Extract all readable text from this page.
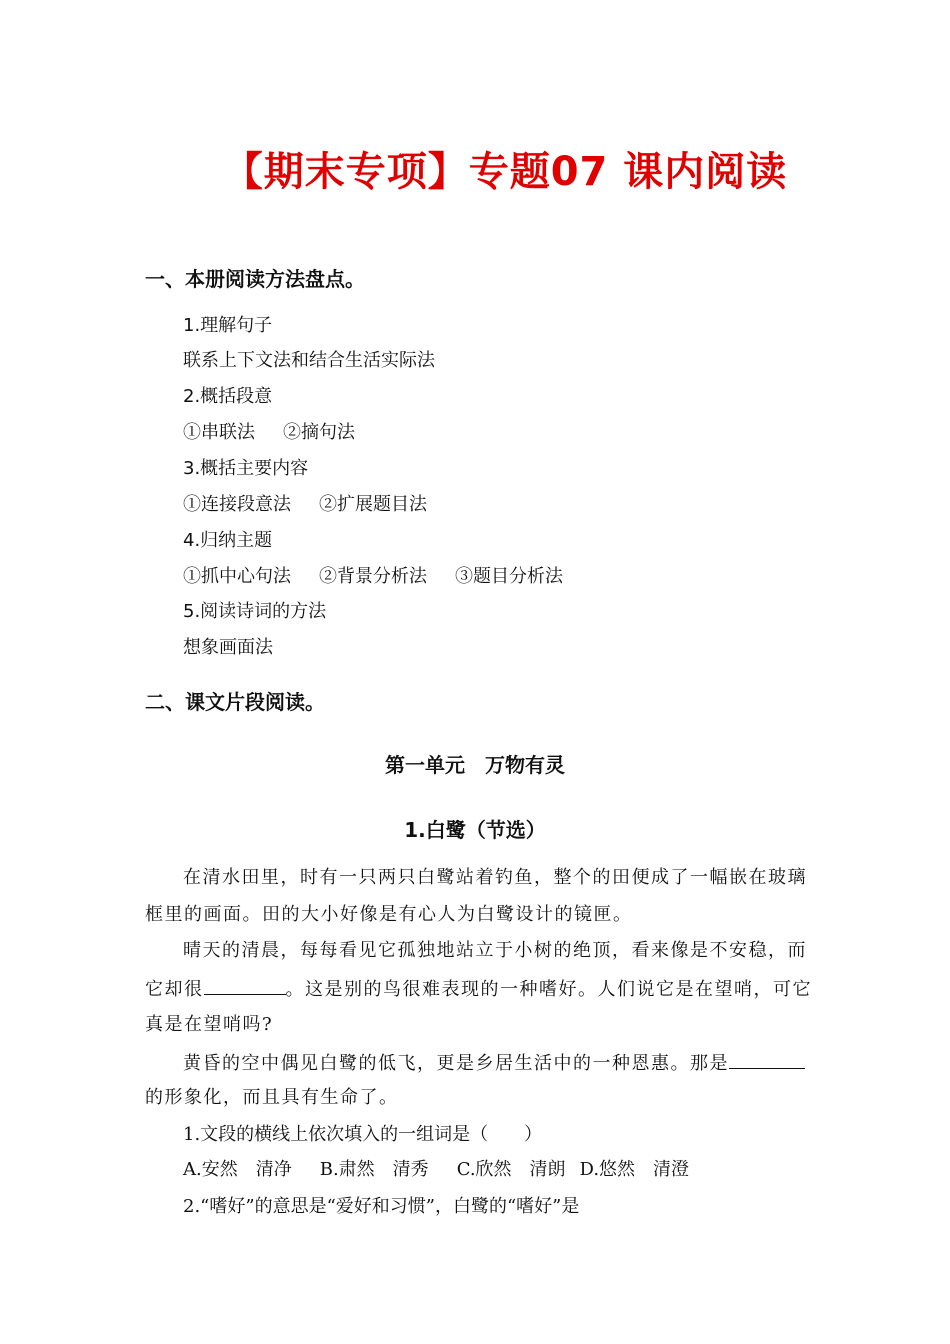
【期末专项】专题07 课内阅读
一、本册阅读方法盘点。
1.理解句子
联系上下文法和结合生活实际法
2.概括段意
①串联法 ②摘句法
3.概括主要内容
①连接段意法 ②扩展题目法
4.归纳主题
①抓中心句法 ②背景分析法 ③题目分析法
5.阅读诗词的方法
想象画面法
二、课文片段阅读。
第一单元　万物有灵
1.白鹭（节选）
在清水田里，时有一只两只白鹭站着钓鱼，整个的田便成了一幅嵌在玻璃
框里的画面。田的大小好像是有心人为白鹭设计的镜匣。
晴天的清晨，每每看见它孤独地站立于小树的绝顶，看来像是不安稳，而
它却很	。这是别的鸟很难表现的一种嗜好。人们说它是在望哨，可它
真是在望哨吗?
黄昏的空中偶见白鹭的低飞，更是乡居生活中的一种恩惠。那是
的形象化，而且具有生命了。
1.文段的横线上依次填入的一组词是（　　）
A.安然　清净 B.肃然　清秀 C.欣然　清朗 D.悠然　清澄
2.“嗜好”的意思是“爱好和习惯”，白鹭的“嗜好”是
